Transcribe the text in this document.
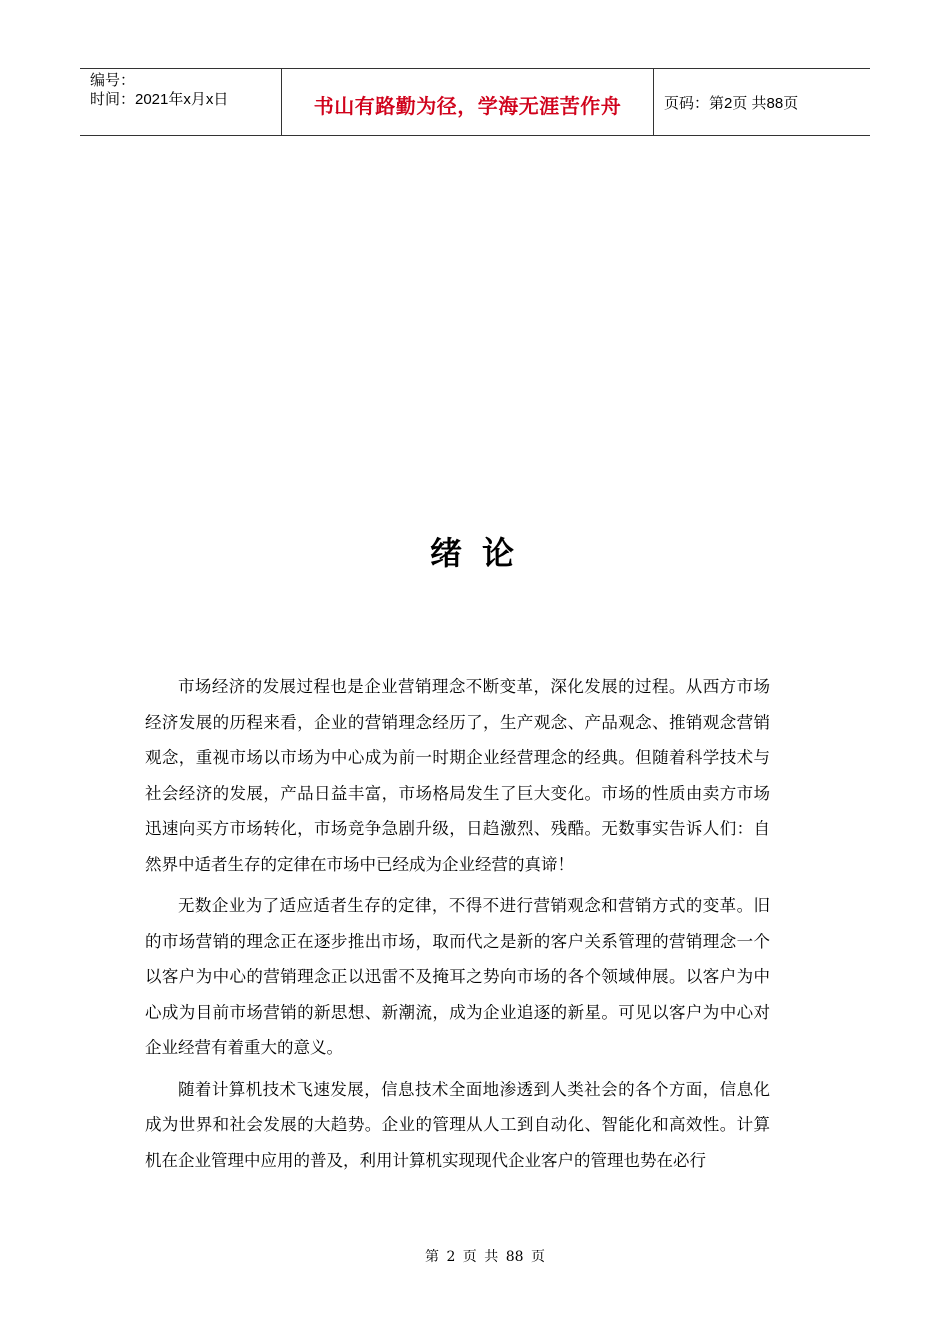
编号：
时间：2021年x月x日	书山有路勤为径，学海无涯苦作舟	页码：第2页 共88页
绪论

市场经济的发展过程也是企业营销理念不断变革，深化发展的过程。从西方市场经济发展的历程来看，企业的营销理念经历了，生产观念、产品观念、推销观念营销观念，重视市场以市场为中心成为前一时期企业经营理念的经典。但随着科学技术与社会经济的发展，产品日益丰富，市场格局发生了巨大变化。市场的性质由卖方市场迅速向买方市场转化，市场竞争急剧升级，日趋激烈、残酷。无数事实告诉人们：自然界中适者生存的定律在市场中已经成为企业经营的真谛！

无数企业为了适应适者生存的定律，不得不进行营销观念和营销方式的变革。旧的市场营销的理念正在逐步推出市场，取而代之是新的客户关系管理的营销理念一个以客户为中心的营销理念正以迅雷不及掩耳之势向市场的各个领域伸展。以客户为中心成为目前市场营销的新思想、新潮流，成为企业追逐的新星。可见以客户为中心对企业经营有着重大的意义。

随着计算机技术飞速发展，信息技术全面地渗透到人类社会的各个方面，信息化成为世界和社会发展的大趋势。企业的管理从人工到自动化、智能化和高效性。计算机在企业管理中应用的普及，利用计算机实现现代企业客户的管理也势在必行

第 2 页 共 88 页
